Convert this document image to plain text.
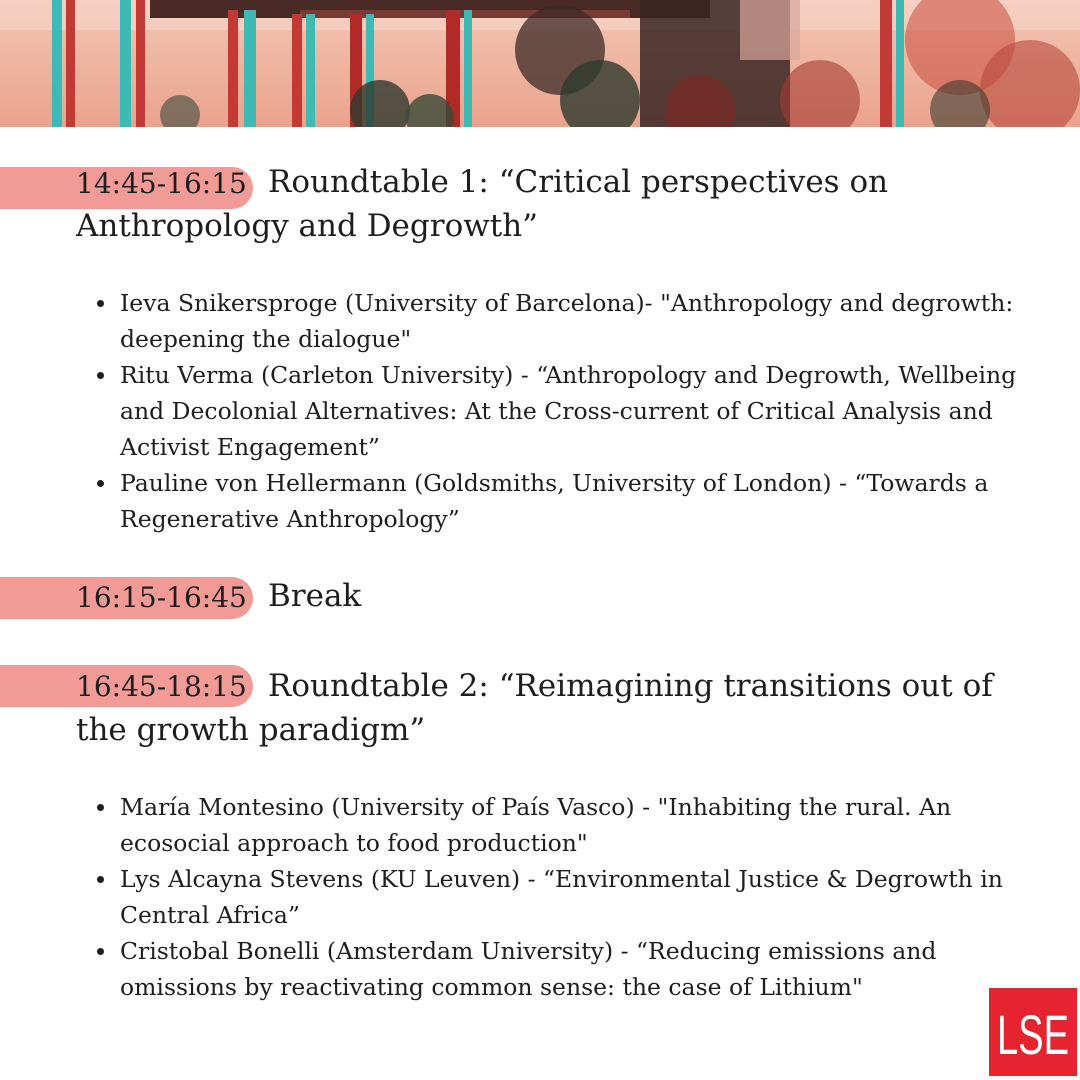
14:45-16:15 Roundtable 1: “Critical perspectives on Anthropology and Degrowth”
Ieva Snikersproge (University of Barcelona)- "Anthropology and degrowth: deepening the dialogue"
Ritu Verma (Carleton University) - “Anthropology and Degrowth, Wellbeing and Decolonial Alternatives: At the Cross-current of Critical Analysis and Activist Engagement”
Pauline von Hellermann (Goldsmiths, University of London) - “Towards a Regenerative Anthropology”
16:15-16:45 Break
16:45-18:15 Roundtable 2: “Reimagining transitions out of the growth paradigm”
María Montesino (University of País Vasco) - "Inhabiting the rural. An ecosocial approach to food production"
Lys Alcayna Stevens (KU Leuven) - “Environmental Justice & Degrowth in Central Africa”
Cristobal Bonelli (Amsterdam University) - “Reducing emissions and omissions by reactivating common sense: the case of Lithium"
LSE
